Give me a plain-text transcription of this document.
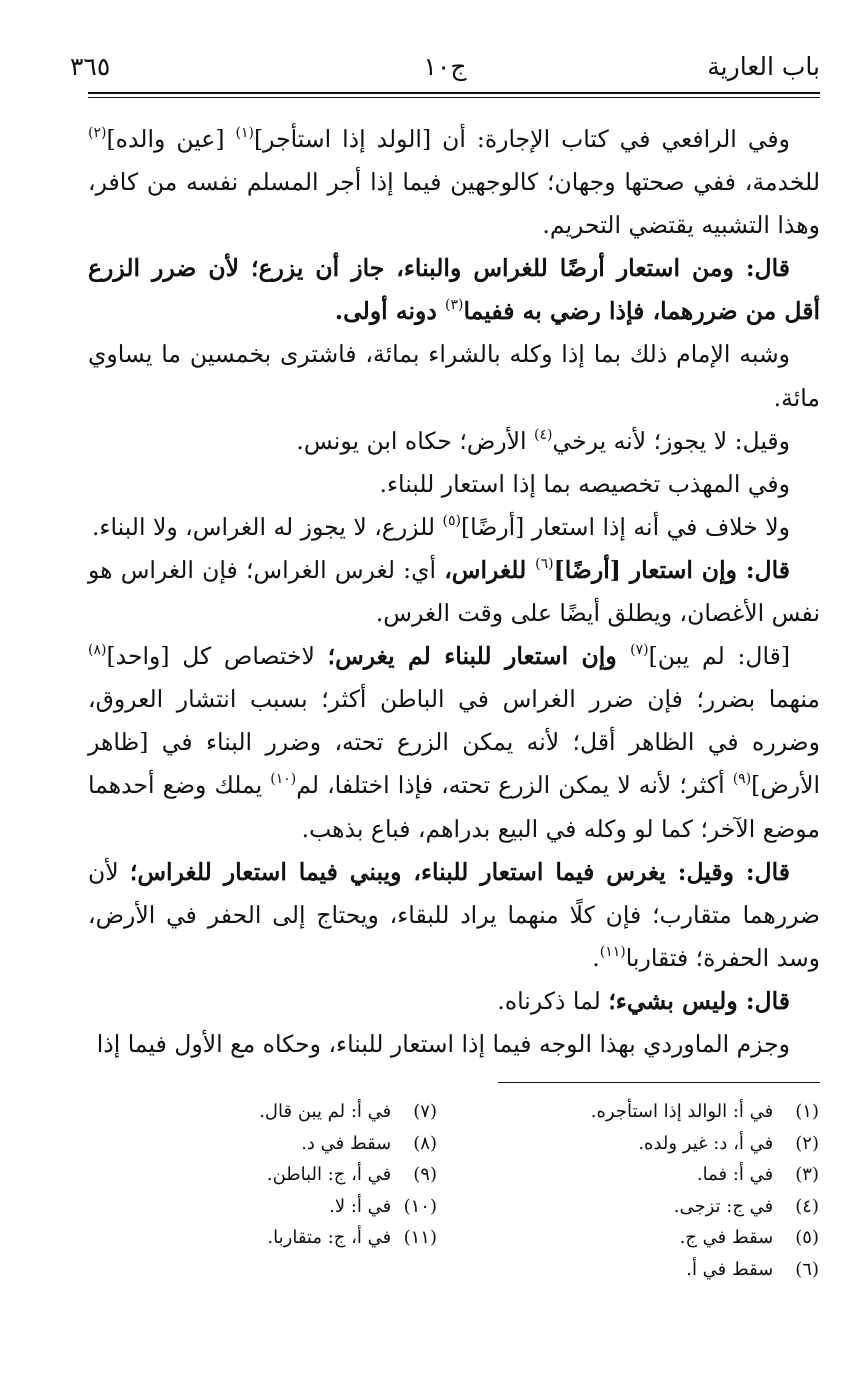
باب العارية
ج١٠
٣٦٥

وفي الرافعي في كتاب الإجارة: أن [الولد إذا استأجر]$^{(١)}$ [عين والده]$^{(٢)}$ للخدمة، ففي صحتها وجهان؛ كالوجهين فيما إذا أجر المسلم نفسه من كافر، وهذا التشبيه يقتضي التحريم.

قال: ومن استعار أرضًا للغراس والبناء، جاز أن يزرع؛ لأن ضرر الزرع أقل من ضررهما، فإذا رضي به ففيما$^{(٣)}$ دونه أولى.

وشبه الإمام ذلك بما إذا وكله بالشراء بمائة، فاشترى بخمسين ما يساوي مائة.

وقيل: لا يجوز؛ لأنه يرخي$^{(٤)}$ الأرض؛ حكاه ابن يونس.

وفي المهذب تخصيصه بما إذا استعار للبناء.

ولا خلاف في أنه إذا استعار [أرضًا]$^{(٥)}$ للزرع، لا يجوز له الغراس، ولا البناء.

قال: وإن استعار [أرضًا]$^{(٦)}$ للغراس، أي: لغرس الغراس؛ فإن الغراس هو نفس الأغصان، ويطلق أيضًا على وقت الغرس.

[قال: لم يبن]$^{(٧)}$ وإن استعار للبناء لم يغرس؛ لاختصاص كل [واحد]$^{(٨)}$ منهما بضرر؛ فإن ضرر الغراس في الباطن أكثر؛ بسبب انتشار العروق، وضرره في الظاهر أقل؛ لأنه يمكن الزرع تحته، وضرر البناء في [ظاهر الأرض]$^{(٩)}$ أكثر؛ لأنه لا يمكن الزرع تحته، فإذا اختلفا، لم$^{(١٠)}$ يملك وضع أحدهما موضع الآخر؛ كما لو وكله في البيع بدراهم، فباع بذهب.

قال: وقيل: يغرس فيما استعار للبناء، ويبني فيما استعار للغراس؛ لأن ضررهما متقارب؛ فإن كلًا منهما يراد للبقاء، ويحتاج إلى الحفر في الأرض، وسد الحفرة؛ فتقاربا$^{(١١)}$.

قال: وليس بشيء؛ لما ذكرناه.

وجزم الماوردي بهذا الوجه فيما إذا استعار للبناء، وحكاه مع الأول فيما إذا

(١) في أ: الوالد إذا استأجره.
(٢) في أ، د: غير ولده.
(٣) في أ: فما.
(٤) في ج: تزجى.
(٥) سقط في ج.
(٦) سقط في أ.
(٧) في أ: لم يبن قال.
(٨) سقط في د.
(٩) في أ، ج: الباطن.
(١٠) في أ: لا.
(١١) في أ، ج: متقاربا.
